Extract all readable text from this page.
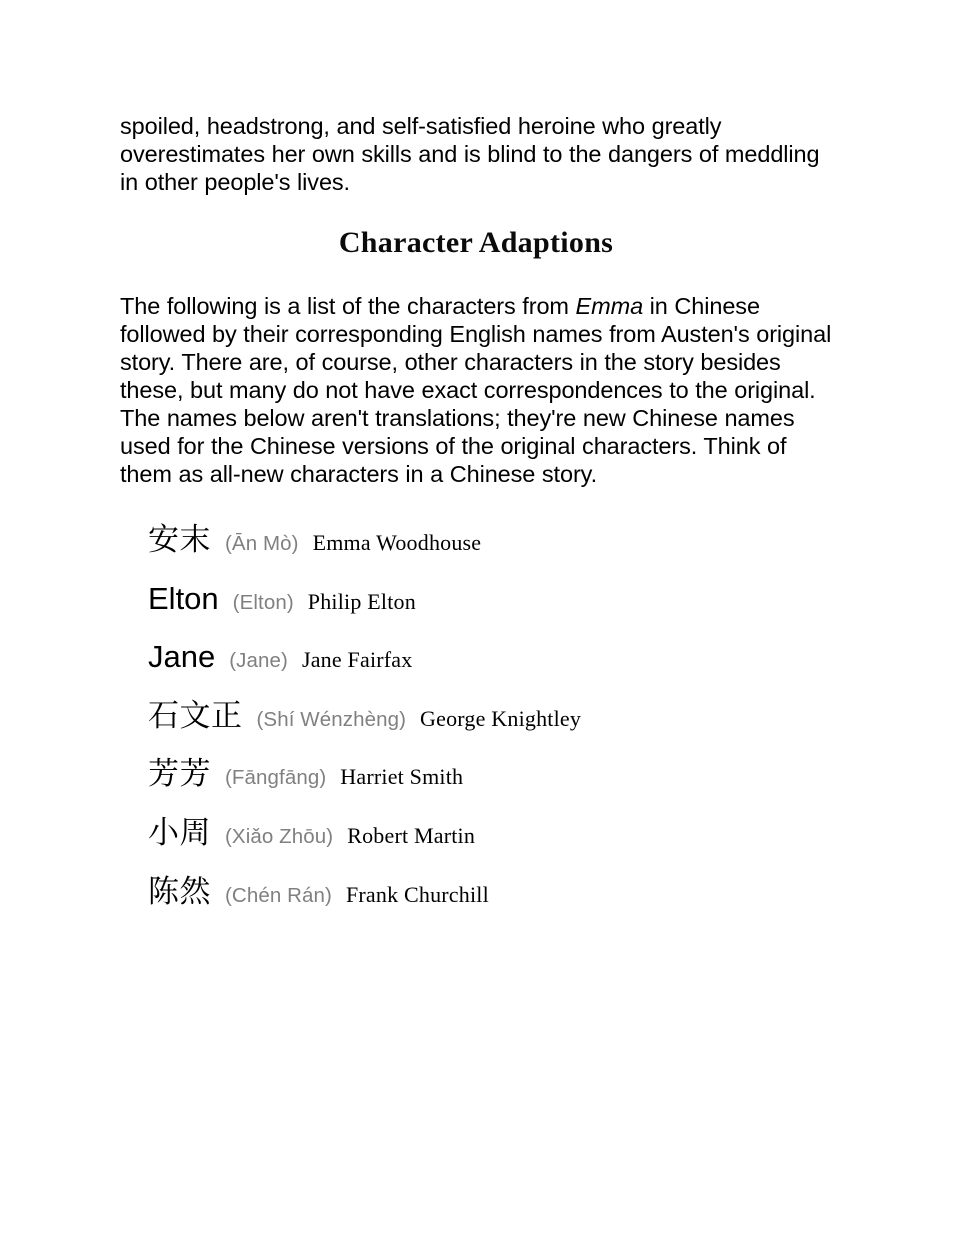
spoiled, headstrong, and self-satisfied heroine who greatly overestimates her own skills and is blind to the dangers of meddling in other people's lives.

Character Adaptions

The following is a list of the characters from Emma in Chinese followed by their corresponding English names from Austen's original story. There are, of course, other characters in the story besides these, but many do not have exact correspondences to the original. The names below aren't translations; they're new Chinese names used for the Chinese versions of the original characters. Think of them as all-new characters in a Chinese story.

安末 (Ān Mò) Emma Woodhouse
Elton (Elton) Philip Elton
Jane (Jane) Jane Fairfax
石文正 (Shí Wénzhèng) George Knightley
芳芳 (Fāngfāng) Harriet Smith
小周 (Xiǎo Zhōu) Robert Martin
陈然 (Chén Rán) Frank Churchill
